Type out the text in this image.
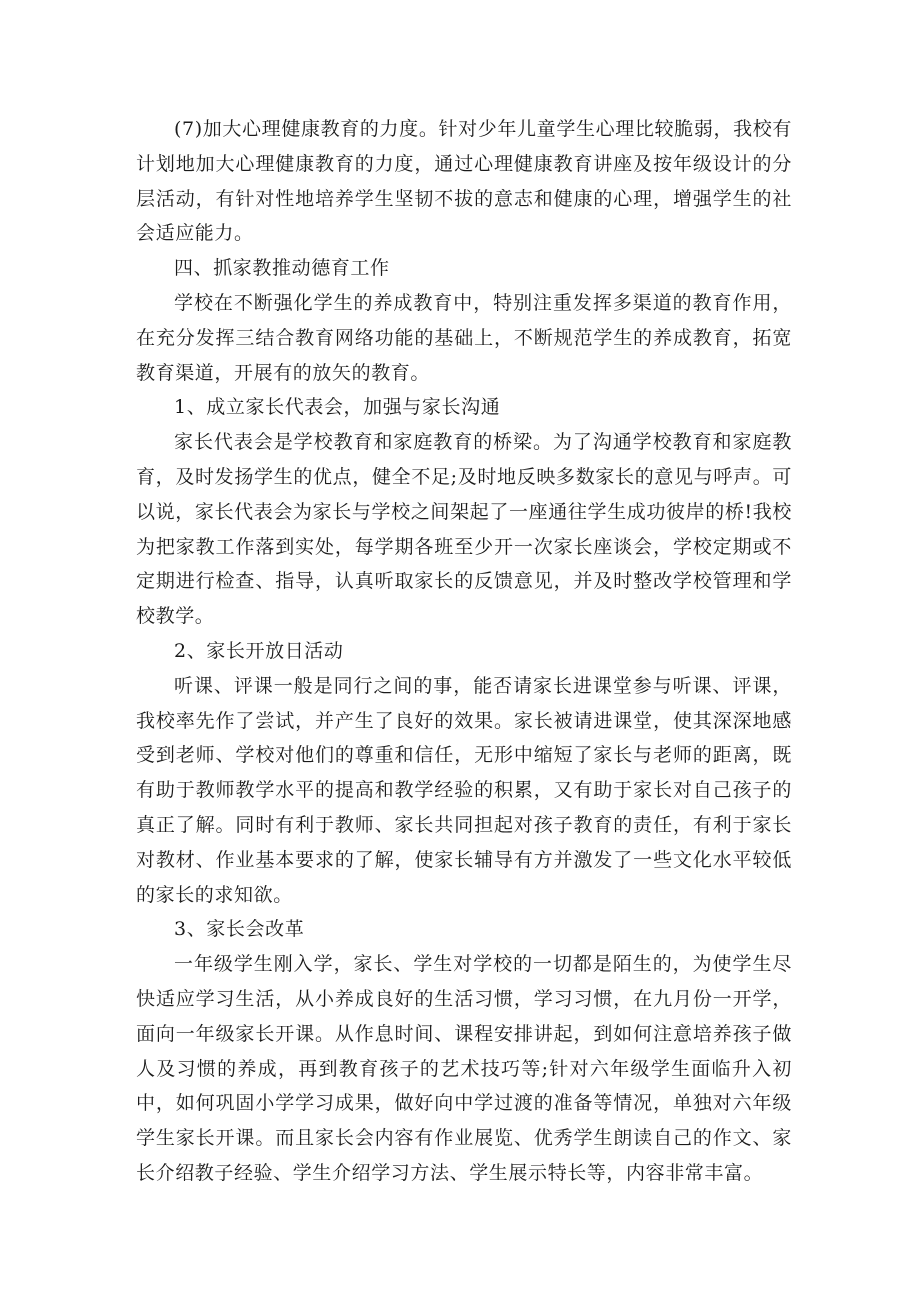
(7)加大心理健康教育的力度。针对少年儿童学生心理比较脆弱，我校有计划地加大心理健康教育的力度，通过心理健康教育讲座及按年级设计的分层活动，有针对性地培养学生坚韧不拔的意志和健康的心理，增强学生的社会适应能力。

四、抓家教推动德育工作

学校在不断强化学生的养成教育中，特别注重发挥多渠道的教育作用，在充分发挥三结合教育网络功能的基础上，不断规范学生的养成教育，拓宽教育渠道，开展有的放矢的教育。

1、成立家长代表会，加强与家长沟通

家长代表会是学校教育和家庭教育的桥梁。为了沟通学校教育和家庭教育，及时发扬学生的优点，健全不足;及时地反映多数家长的意见与呼声。可以说，家长代表会为家长与学校之间架起了一座通往学生成功彼岸的桥!我校为把家教工作落到实处，每学期各班至少开一次家长座谈会，学校定期或不定期进行检查、指导，认真听取家长的反馈意见，并及时整改学校管理和学校教学。

2、家长开放日活动

听课、评课一般是同行之间的事，能否请家长进课堂参与听课、评课，我校率先作了尝试，并产生了良好的效果。家长被请进课堂，使其深深地感受到老师、学校对他们的尊重和信任，无形中缩短了家长与老师的距离，既有助于教师教学水平的提高和教学经验的积累，又有助于家长对自己孩子的真正了解。同时有利于教师、家长共同担起对孩子教育的责任，有利于家长对教材、作业基本要求的了解，使家长辅导有方并激发了一些文化水平较低的家长的求知欲。

3、家长会改革

一年级学生刚入学，家长、学生对学校的一切都是陌生的，为使学生尽快适应学习生活，从小养成良好的生活习惯，学习习惯，在九月份一开学，面向一年级家长开课。从作息时间、课程安排讲起，到如何注意培养孩子做人及习惯的养成，再到教育孩子的艺术技巧等;针对六年级学生面临升入初中，如何巩固小学学习成果，做好向中学过渡的准备等情况，单独对六年级学生家长开课。而且家长会内容有作业展览、优秀学生朗读自己的作文、家长介绍教子经验、学生介绍学习方法、学生展示特长等，内容非常丰富。
